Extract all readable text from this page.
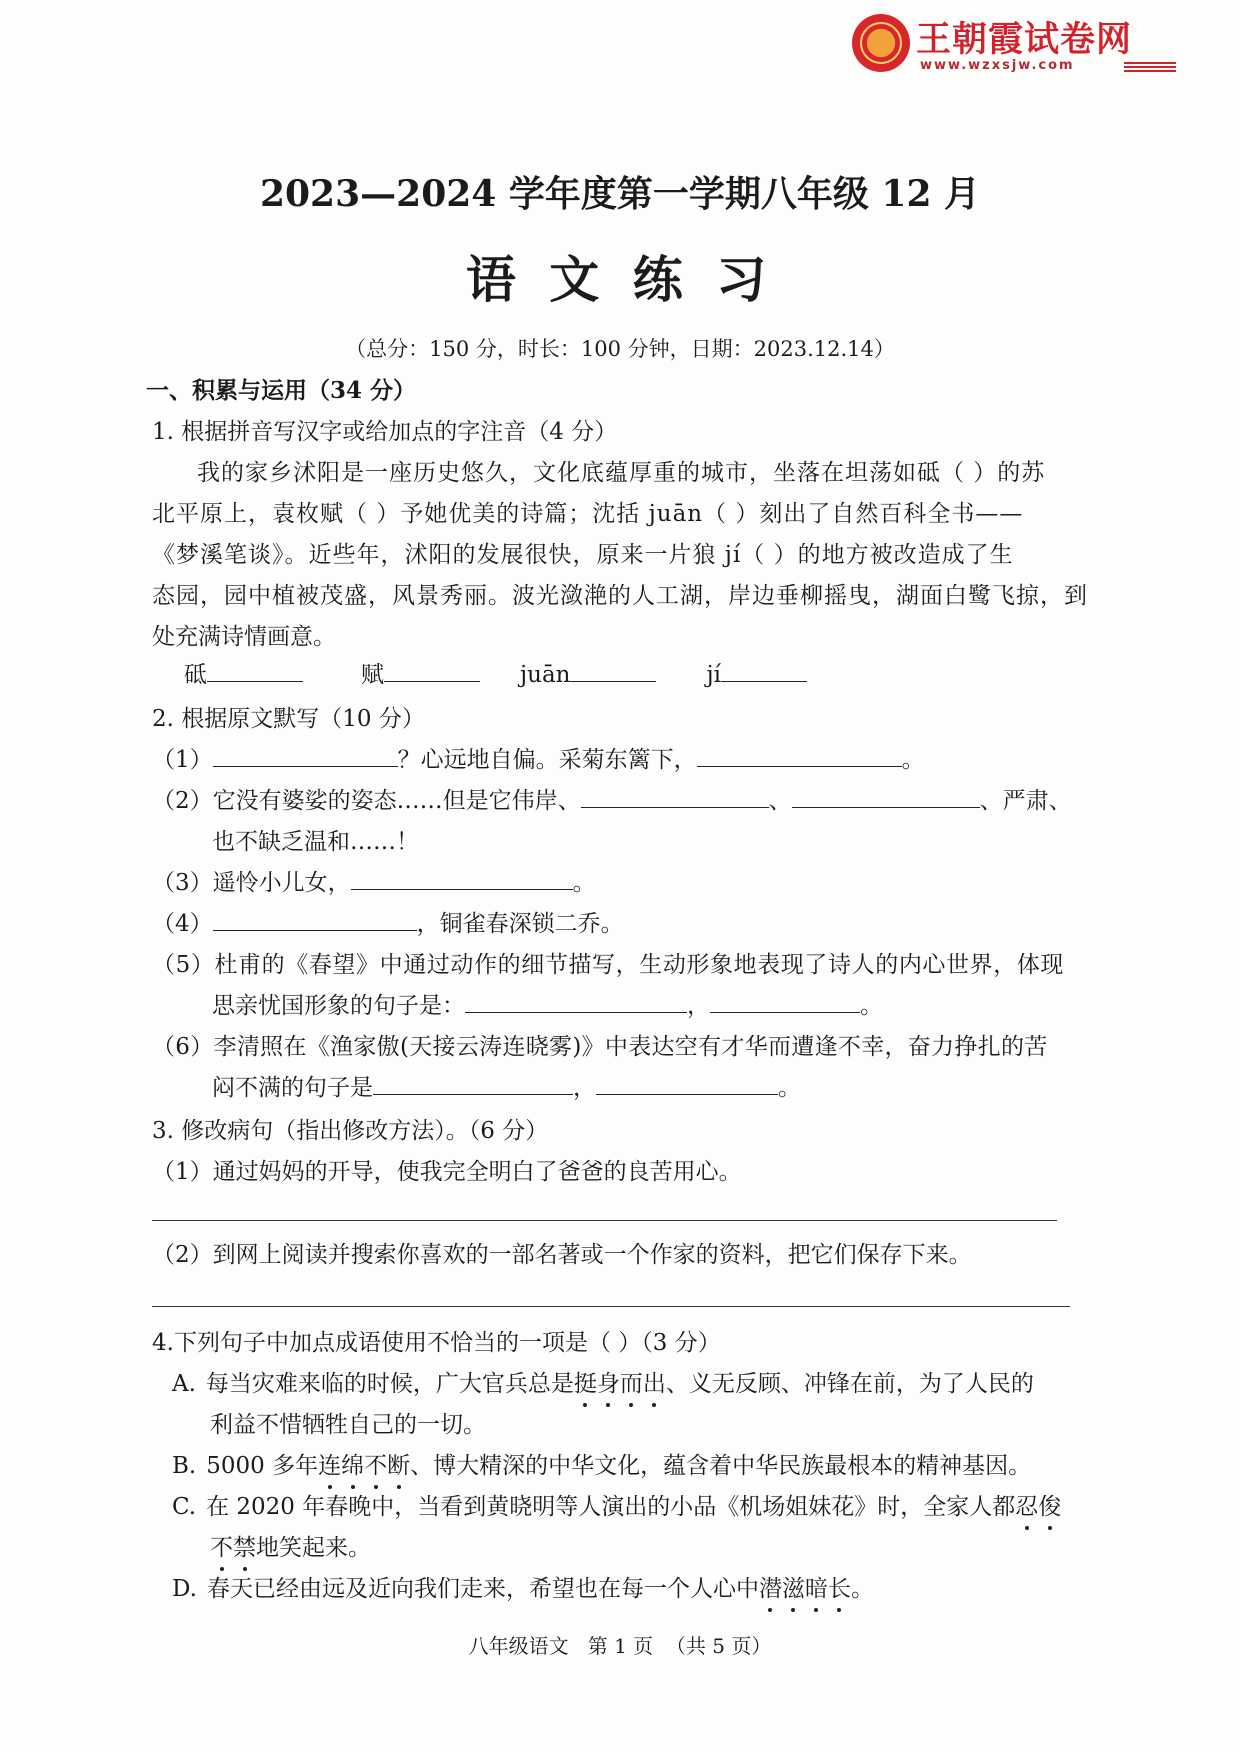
王朝霞试卷网
www.wzxsjw.com
2023—2024 学年度第一学期八年级 12 月
语 文 练 习
（总分：150 分，时长：100 分钟，日期：2023.12.14）
一、积累与运用（34 分）
1. 根据拼音写汉字或给加点的字注音（4 分）
我的家乡沭阳是一座历史悠久，文化底蕴厚重的城市，坐落在坦荡如砥（ ）的苏
北平原上，袁枚赋（ ）予她优美的诗篇；沈括 juān（ ）刻出了自然百科全书——
《梦溪笔谈》。近些年，沭阳的发展很快，原来一片狼 jí（ ）的地方被改造成了生
态园，园中植被茂盛，风景秀丽。波光潋滟的人工湖，岸边垂柳摇曳，湖面白鹭飞掠，到
处充满诗情画意。
砥	赋	juān	jí
2. 根据原文默写（10 分）
（1）	？心远地自偏。采菊东篱下，	。
（2）它没有婆娑的姿态……但是它伟岸、	、	、严肃、
也不缺乏温和……！
（3）遥怜小儿女，	。
（4）	，铜雀春深锁二乔。
（5）杜甫的《春望》中通过动作的细节描写，生动形象地表现了诗人的内心世界，体现
思亲忧国形象的句子是：	，	。
（6）李清照在《渔家傲(天接云涛连晓雾)》中表达空有才华而遭逢不幸，奋力挣扎的苦
闷不满的句子是	，	。
3. 修改病句（指出修改方法）。（6 分）
（1）通过妈妈的开导，使我完全明白了爸爸的良苦用心。
（2）到网上阅读并搜索你喜欢的一部名著或一个作家的资料，把它们保存下来。
4.下列句子中加点成语使用不恰当的一项是（ ）（3 分）
A. 每当灾难来临的时候，广大官兵总是挺身而出、义无反顾、冲锋在前，为了人民的
利益不惜牺牲自己的一切。
B. 5000 多年连绵不断、博大精深的中华文化，蕴含着中华民族最根本的精神基因。
C. 在 2020 年春晚中，当看到黄晓明等人演出的小品《机场姐妹花》时，全家人都忍俊
不禁地笑起来。
D. 春天已经由远及近向我们走来，希望也在每一个人心中潜滋暗长。
八年级语文   第 1 页  （共 5 页）
